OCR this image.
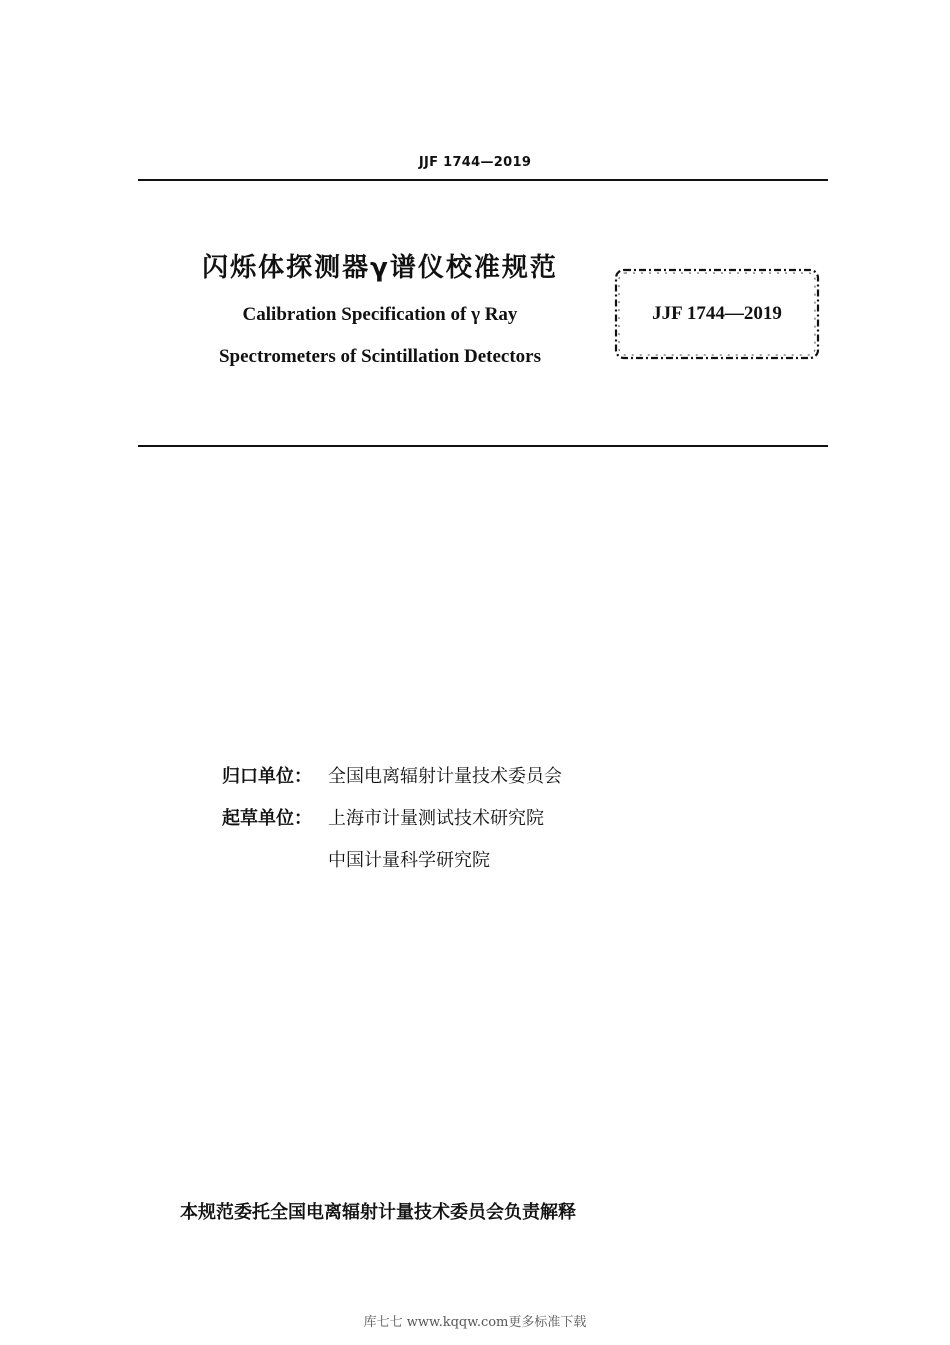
JJF 1744—2019
闪烁体探测器γ谱仪校准规范
Calibration Specification of γ Ray
Spectrometers of Scintillation Detectors
JJF 1744—2019
归口单位： 全国电离辐射计量技术委员会
起草单位： 上海市计量测试技术研究院
中国计量科学研究院
本规范委托全国电离辐射计量技术委员会负责解释
库七七 www.kqqw.com更多标准下载
